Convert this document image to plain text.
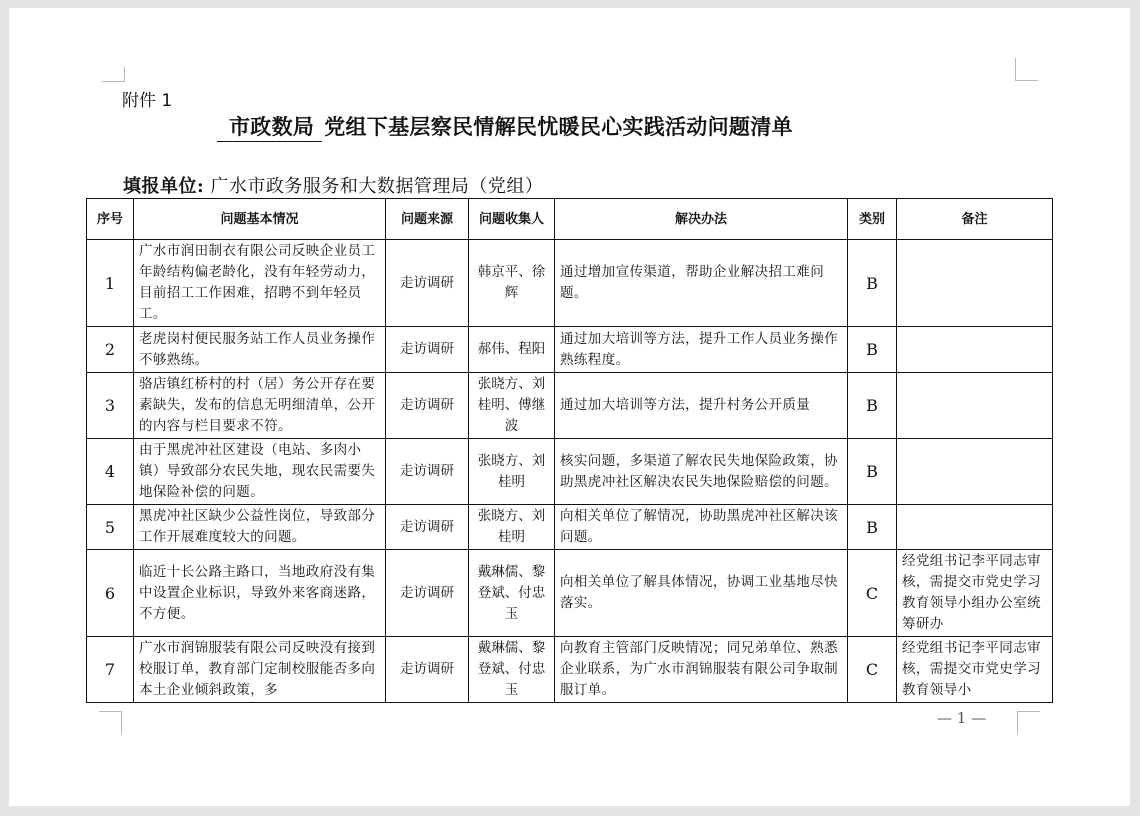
附件 1
市政数局 党组下基层察民情解民忧暖民心实践活动问题清单
填报单位: 广水市政务服务和大数据管理局（党组）
序号	问题基本情况	问题来源	问题收集人	解决办法	类别	备注
1	广水市润田制衣有限公司反映企业员工年龄结构偏老龄化，没有年轻劳动力，目前招工工作困难，招聘不到年轻员工。	走访调研	韩京平、徐辉	通过增加宣传渠道，帮助企业解决招工难问题。	B	
2	老虎岗村便民服务站工作人员业务操作不够熟练。	走访调研	郝伟、程阳	通过加大培训等方法，提升工作人员业务操作熟练程度。	B	
3	骆店镇红桥村的村（居）务公开存在要素缺失，发布的信息无明细清单，公开的内容与栏目要求不符。	走访调研	张晓方、刘桂明、傅继波	通过加大培训等方法，提升村务公开质量	B	
4	由于黑虎冲社区建设（电站、多肉小镇）导致部分农民失地，现农民需要失地保险补偿的问题。	走访调研	张晓方、刘桂明	核实问题，多渠道了解农民失地保险政策，协助黑虎冲社区解决农民失地保险赔偿的问题。	B	
5	黑虎冲社区缺少公益性岗位，导致部分工作开展难度较大的问题。	走访调研	张晓方、刘桂明	向相关单位了解情况，协助黑虎冲社区解决该问题。	B	
6	临近十长公路主路口，当地政府没有集中设置企业标识，导致外来客商迷路，不方便。	走访调研	戴琳儒、黎登斌、付忠玉	向相关单位了解具体情况，协调工业基地尽快落实。	C	经党组书记李平同志审核，需提交市党史学习教育领导小组办公室统筹研办
7	广水市润锦服装有限公司反映没有接到校服订单，教育部门定制校服能否多向本土企业倾斜政策，多	走访调研	戴琳儒、黎登斌、付忠玉	向教育主管部门反映情况；同兄弟单位、熟悉企业联系，为广水市润锦服装有限公司争取制服订单。	C	经党组书记李平同志审核，需提交市党史学习教育领导小
— 1 —
